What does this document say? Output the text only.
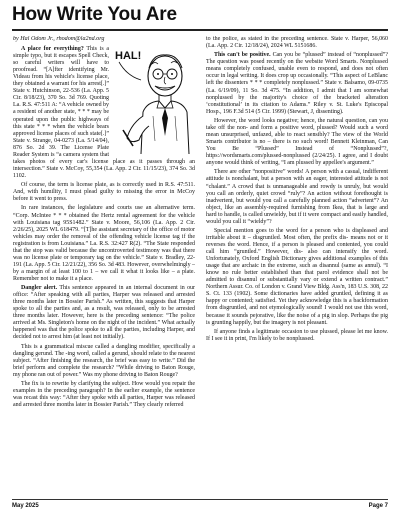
How Write You Are
by Hal Odom Jr., rhodom@la2nd.org
HAL!

A place for everything? This is a simple typo, but it escapes Spell Check, so careful writers will have to proofread. “[A]fter identifying Mr. Videau from his vehicle's license place, they obtained a warrant for his arrest[.]” State v. Hutchinson, 22-536 (La. App. 5 Cir. 8/18/23), 370 So. 3d 769. Quoting La. R.S. 47:511 A: “A vehicle owned by a resident of another state, * * * may be operated upon the public highways of this state * * * when the vehicle bears approved license places of such state[.]” State v. Strange, 04-0273 (La. 5/14/04), 876 So. 2d 39. The License Plate Reader System is “a camera system that takes photos of every car's license place as it passes through an intersection.” State v. McCoy, 55,354 (La. App. 2 Cir. 11/15/23), 374 So. 3d 1102.

Of course, the term is license plate, as is correctly used in R.S. 47:511. And, with humility, I must plead guilty to missing the error in McCoy before it went to press.

In rare instances, the legislature and courts use an alternative term. “Corp. McIntee * * * obtained the Hertz rental agreement for the vehicle with Louisiana tag 95S1482.” State v. Moore, 56,106 (La. App. 2 Cir. 2/26/25), 2025 WL 618479. “[T]he assistant secretary of the office of motor vehicles may order the removal of the offending vehicle license tag if the registration is from Louisiana.” La. R.S. 32:427 R(2). “The State responded that the stop was valid because the uncontroverted testimony was that there was no license plate or temporary tag on the vehicle.” State v. Bradley, 22-191 (La. App. 5 Cir. 12/21/22), 356 So. 3d 483. However, overwhelmingly – by a margin of at least 100 to 1 – we call it what it looks like – a plate. Remember not to make it a place.

Dangler alert. This sentence appeared in an internal document in our office: “After speaking with all parties, Harper was released and arrested three months later in Bossier Parish.” As written, this suggests that Harper spoke to all the parties and, as a result, was released, only to be arrested three months later. However, here is the preceding sentence: “The police arrived at Ms. Singleton's home on the night of the incident.” What actually happened was that the police spoke to all the parties, including Harper, and decided not to arrest him (at least not initially).

This is a grammatical miscue called a dangling modifier, specifically a dangling gerund. The -ing word, called a gerund, should relate to the nearest subject. “After finishing the research, the brief was easy to write.” Did the brief perform and complete the research? “While driving to Baton Rouge, my phone ran out of power.” Was my phone driving to Baton Rouge?

The fix is to rewrite by clarifying the subject. How would you repair the examples in the preceding paragraph? In the earlier example, the sentence was recast this way: “After they spoke with all parties, Harper was released and arrested three months later in Bossier Parish.” They clearly referred

to the police, as stated in the preceding sentence. State v. Harper, 56,060 (La. App. 2 Cir. 12/18/24), 2024 WL 5151686.

This can't be positive. Can you be “plussed” instead of “nonplussed”? The question was posed recently on the website Word Smarts. Nonplussed means completely confused, unable even to respond, and does not often occur in legal writing. It does crop up occasionally. “This aspect of LeBlanc left the dissenters * * * completely nonplussed.” State v. Balsamo, 09-0735 (La. 6/19/09), 11 So. 3d 475. “In addition, I admit that I am somewhat nonplussed by the majority's choice of the bracketed alteration ‘constitutional’ in its citation to Adams.” Riley v. St. Luke's Episcopal Hosp., 196 F.3d 514 (5 Cir. 1999) (Stewart, J, dissenting).

However, the word looks negative; hence, the natural question, can you take off the non- and form a positive word, plussed? Would such a word mean unsurprised, unfazed, able to react sensibly? The view of the World Smarts contributor is no – there is no such word! Bennett Kleinman, Can You Be “Plussed” Instead of “Nonplussed”?, https://wordsmarts.com/plussed-nonplussed (2/24/25). I agree, and I doubt anyone would think of writing, “I am plussed by appellee's argument.”

There are other “nonpositive” words! A person with a casual, indifferent attitude is nonchalant, but a person with an eager, interested attitude is not “chalant.” A crowd that is unmanageable and rowdy is unruly, but would you call an orderly, quiet crowd “ruly”? An action without forethought is inadvertent, but would you call a carefully planned action “advertent”? An object, like an assembly-required furnishing from Ikea, that is large and hard to handle, is called unwieldy, but if it were compact and easily handled, would you call it “wieldy”?

Special mention goes to the word for a person who is displeased and irritable about it – disgruntled. Most often, the prefix dis- means not or it reverses the word. Hence, if a person is pleased and contented, you could call him “gruntled.” However, dis- also can intensify the word. Unfortunately, Oxford English Dictionary gives additional examples of this usage that are archaic in the extreme, such as disannul (same as annul). “I know no rule better established than that parol evidence shall not be admitted to disannul or substantially vary or extend a written contract.” Northern Assur. Co. of London v. Grand View Bldg. Ass'n, 183 U.S. 308, 22 S. Ct. 133 (1902). Some dictionaries have added gruntled, defining it as happy or contented; satisfied. Yet they acknowledge this is a backformation from disgruntled, and not etymologically sound! I would not use this word, because it sounds pejorative, like the noise of a pig in slop. Perhaps the pig is grunting happily, but the imagery is not pleasant.

If anyone finds a legitimate occasion to use plussed, please let me know. If I see it in print, I'm likely to be nonplussed.

May 2025	Page 7
